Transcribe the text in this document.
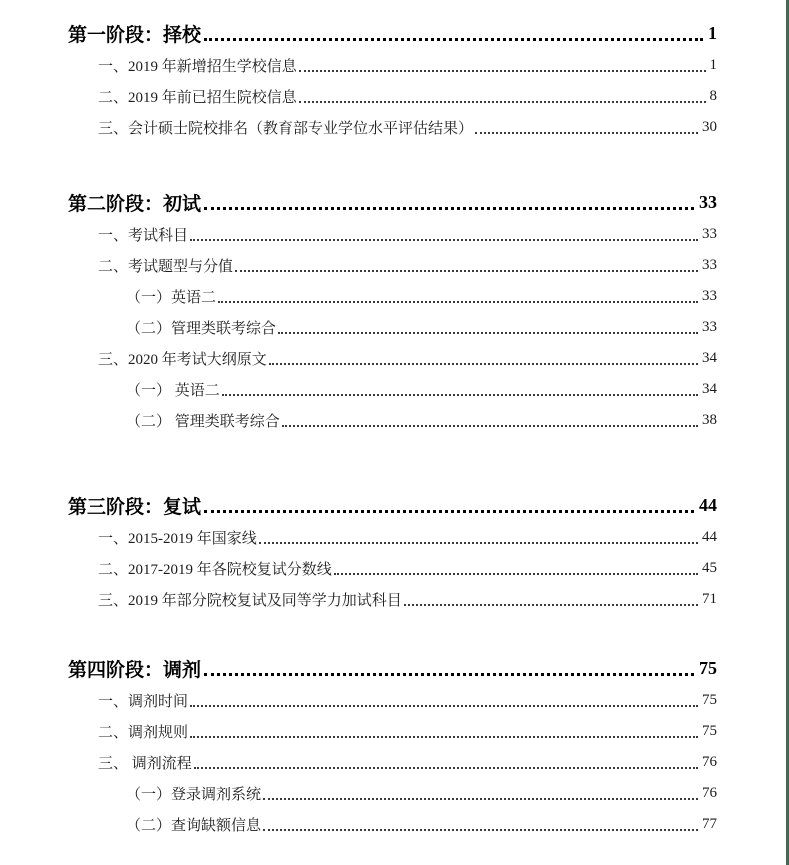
第一阶段：择校	1
一、2019 年新增招生学校信息	1
二、2019 年前已招生院校信息	8
三、会计硕士院校排名（教育部专业学位水平评估结果）	30
第二阶段：初试	33
一、考试科目	33
二、考试题型与分值	33
（一）英语二	33
（二）管理类联考综合	33
三、2020 年考试大纲原文	34
（一） 英语二	34
（二） 管理类联考综合	38
第三阶段：复试	44
一、2015-2019 年国家线	44
二、2017-2019 年各院校复试分数线	45
三、2019 年部分院校复试及同等学力加试科目	71
第四阶段：调剂	75
一、调剂时间	75
二、调剂规则	75
三、 调剂流程	76
（一）登录调剂系统	76
（二）查询缺额信息	77
